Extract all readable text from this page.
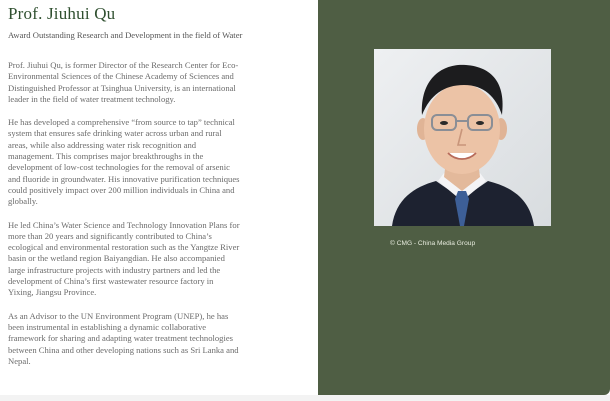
Prof. Jiuhui Qu

Award Outstanding Research and Development in the field of Water

Prof. Jiuhui Qu, is former Director of the Research Center for Eco-Environmental Sciences of the Chinese Academy of Sciences and Distinguished Professor at Tsinghua University, is an international leader in the field of water treatment technology.

He has developed a comprehensive “from source to tap” technical system that ensures safe drinking water across urban and rural areas, while also addressing water risk recognition and management. This comprises major breakthroughs in the development of low-cost technologies for the removal of arsenic and fluoride in groundwater. His innovative purification techniques could positively impact over 200 million individuals in China and globally.

He led China’s Water Science and Technology Innovation Plans for more than 20 years and significantly contributed to China’s ecological and environmental restoration such as the Yangtze River basin or the wetland region Baiyangdian. He also accompanied large infrastructure projects with industry partners and led the development of China’s first wastewater resource factory in Yixing, Jiangsu Province.

As an Advisor to the UN Environment Program (UNEP), he has been instrumental in establishing a dynamic collaborative framework for sharing and adapting water treatment technologies between China and other developing nations such as Sri Lanka and Nepal.

© CMG - China Media Group
